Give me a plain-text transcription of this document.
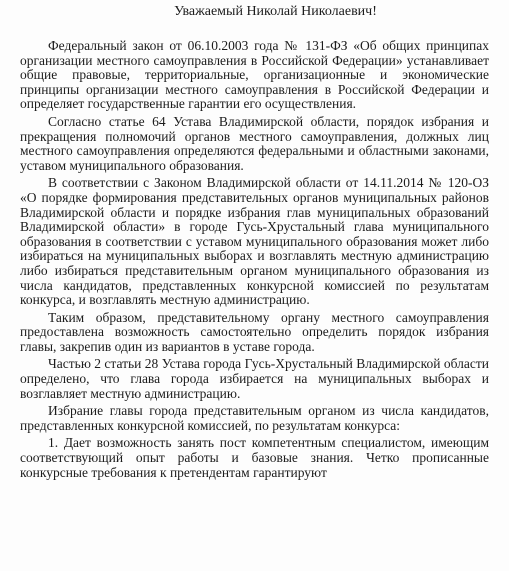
Уважаемый Николай Николаевич!

Федеральный закон от 06.10.2003 года № 131-ФЗ «Об общих принципах организации местного самоуправления в Российской Федерации» устанавливает общие правовые, территориальные, организационные и экономические принципы организации местного самоуправления в Российской Федерации и определяет государственные гарантии его осуществления.

Согласно статье 64 Устава Владимирской области, порядок избрания и прекращения полномочий органов местного самоуправления, должных лиц местного самоуправления определяются федеральными и областными законами, уставом муниципального образования.

В соответствии с Законом Владимирской области от 14.11.2014 № 120-ОЗ «О порядке формирования представительных органов муниципальных районов Владимирской области и порядке избрания глав муниципальных образований Владимирской области» в городе Гусь-Хрустальный глава муниципального образования в соответствии с уставом муниципального образования может либо избираться на муниципальных выборах и возглавлять местную администрацию либо избираться представительным органом муниципального образования из числа кандидатов, представленных конкурсной комиссией по результатам конкурса, и возглавлять местную администрацию.

Таким образом, представительному органу местного самоуправления предоставлена возможность самостоятельно определить порядок избрания главы, закрепив один из вариантов в уставе города.

Частью 2 статьи 28 Устава города Гусь-Хрустальный Владимирской области определено, что глава города избирается на муниципальных выборах и возглавляет местную администрацию.

Избрание главы города представительным органом из числа кандидатов, представленных конкурсной комиссией, по результатам конкурса:

1. Дает возможность занять пост компетентным специалистом, имеющим соответствующий опыт работы и базовые знания. Четко прописанные конкурсные требования к претендентам гарантируют
